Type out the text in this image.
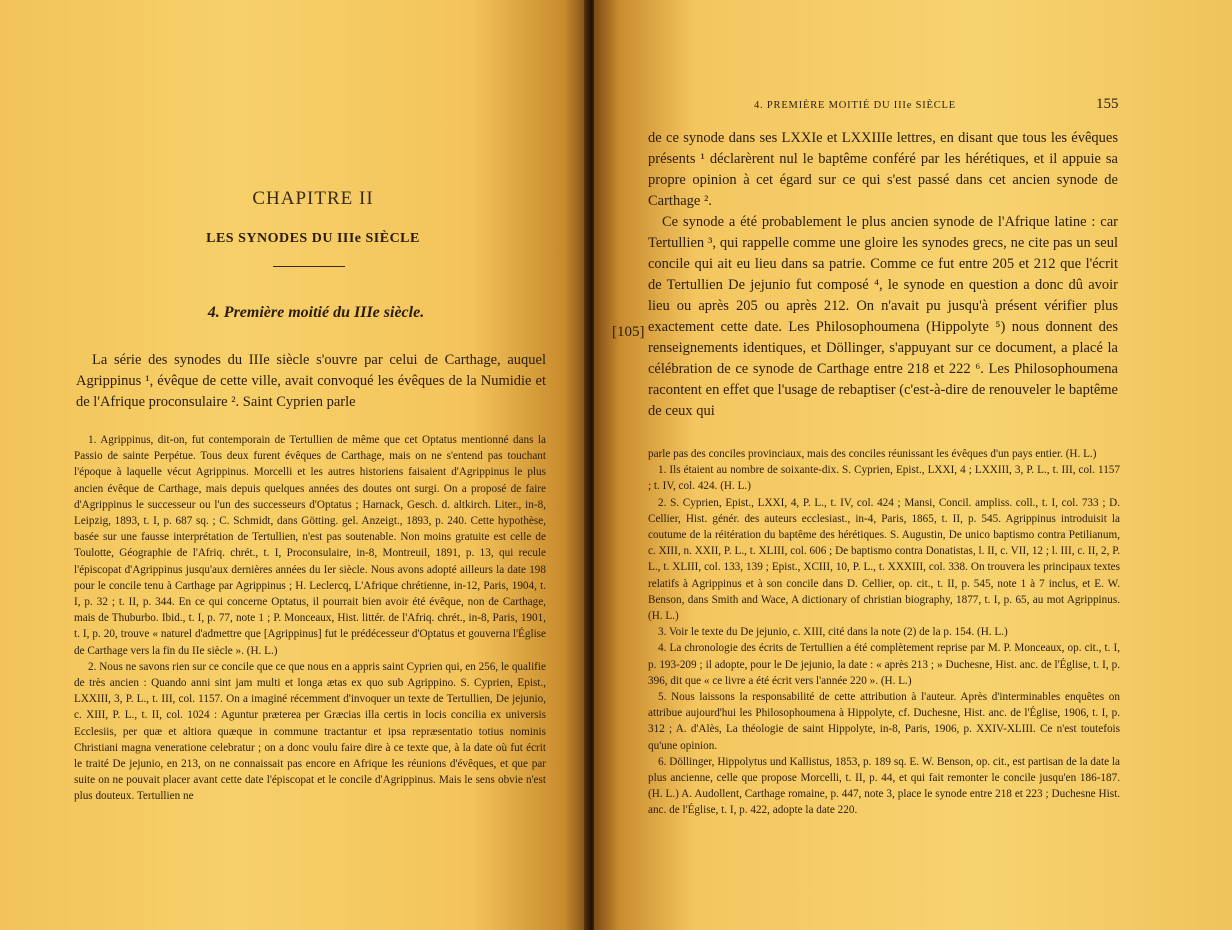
CHAPITRE II
LES SYNODES DU IIIe SIÈCLE
4. Première moitié du IIIe siècle.

La série des synodes du IIIe siècle s'ouvre par celui de Carthage, auquel Agrippinus ¹, évêque de cette ville, avait convoqué les évêques de la Numidie et de l'Afrique proconsulaire ². Saint Cyprien parle

1. Agrippinus, dit-on, fut contemporain de Tertullien de même que cet Optatus mentionné dans la Passio de sainte Perpétue. Tous deux furent évêques de Carthage, mais on ne s'entend pas touchant l'époque à laquelle vécut Agrippinus. Morcelli et les autres historiens faisaient d'Agrippinus le plus ancien évêque de Carthage, mais depuis quelques années des doutes ont surgi. On a proposé de faire d'Agrippinus le successeur ou l'un des successeurs d'Optatus ; Harnack, Gesch. d. altkirch. Liter., in-8, Leipzig, 1893, t. I, p. 687 sq. ; C. Schmidt, dans Götting. gel. Anzeigt., 1893, p. 240. Cette hypothèse, basée sur une fausse interprétation de Tertullien, n'est pas soutenable. Non moins gratuite est celle de Toulotte, Géographie de l'Afriq. chrét., t. I, Proconsulaire, in-8, Montreuil, 1891, p. 13, qui recule l'épiscopat d'Agrippinus jusqu'aux dernières années du Ier siècle. Nous avons adopté ailleurs la date 198 pour le concile tenu à Carthage par Agrippinus ; H. Leclercq, L'Afrique chrétienne, in-12, Paris, 1904, t. I, p. 32 ; t. II, p. 344. En ce qui concerne Optatus, il pourrait bien avoir été évêque, non de Carthage, mais de Thuburbo. Ibid., t. I, p. 77, note 1 ; P. Monceaux, Hist. littér. de l'Afriq. chrét., in-8, Paris, 1901, t. I, p. 20, trouve « naturel d'admettre que [Agrippinus] fut le prédécesseur d'Optatus et gouverna l'Église de Carthage vers la fin du IIe siècle ». (H. L.)

2. Nous ne savons rien sur ce concile que ce que nous en a appris saint Cyprien qui, en 256, le qualifie de très ancien : Quando anni sint jam multi et longa ætas ex quo sub Agrippino. S. Cyprien, Epist., LXXIII, 3, P. L., t. III, col. 1157. On a imaginé récemment d'invoquer un texte de Tertullien, De jejunio, c. XIII, P. L., t. II, col. 1024 : Aguntur præterea per Græcias illa certis in locis concilia ex universis Ecclesiis, per quæ et altiora quæque in commune tractantur et ipsa repræsentatio totius nominis Christiani magna veneratione celebratur ; on a donc voulu faire dire à ce texte que, à la date où fut écrit le traité De jejunio, en 213, on ne connaissait pas encore en Afrique les réunions d'évêques, et que par suite on ne pouvait placer avant cette date l'épiscopat et le concile d'Agrippinus. Mais le sens obvie n'est plus douteux. Tertullien ne

4. PREMIÈRE MOITIÉ DU IIIe SIÈCLE	155
[105]

de ce synode dans ses LXXIe et LXXIIIe lettres, en disant que tous les évêques présents ¹ déclarèrent nul le baptême conféré par les hérétiques, et il appuie sa propre opinion à cet égard sur ce qui s'est passé dans cet ancien synode de Carthage ².

Ce synode a été probablement le plus ancien synode de l'Afrique latine : car Tertullien ³, qui rappelle comme une gloire les synodes grecs, ne cite pas un seul concile qui ait eu lieu dans sa patrie. Comme ce fut entre 205 et 212 que l'écrit de Tertullien De jejunio fut composé ⁴, le synode en question a donc dû avoir lieu ou après 205 ou après 212. On n'avait pu jusqu'à présent vérifier plus exactement cette date. Les Philosophoumena (Hippolyte ⁵) nous donnent des renseignements identiques, et Döllinger, s'appuyant sur ce document, a placé la célébration de ce synode de Carthage entre 218 et 222 ⁶. Les Philosophoumena racontent en effet que l'usage de rebaptiser (c'est-à-dire de renouveler le baptême de ceux qui

parle pas des conciles provinciaux, mais des conciles réunissant les évêques d'un pays entier. (H. L.)

1. Ils étaient au nombre de soixante-dix. S. Cyprien, Epist., LXXI, 4 ; LXXIII, 3, P. L., t. III, col. 1157 ; t. IV, col. 424. (H. L.)

2. S. Cyprien, Epist., LXXI, 4, P. L., t. IV, col. 424 ; Mansi, Concil. ampliss. coll., t. I, col. 733 ; D. Cellier, Hist. génér. des auteurs ecclesiast., in-4, Paris, 1865, t. II, p. 545. Agrippinus introduisit la coutume de la réitération du baptême des hérétiques. S. Augustin, De unico baptismo contra Petilianum, c. XIII, n. XXII, P. L., t. XLIII, col. 606 ; De baptismo contra Donatistas, l. II, c. VII, 12 ; l. III, c. II, 2, P. L., t. XLIII, col. 133, 139 ; Epist., XCIII, 10, P. L., t. XXXIII, col. 338. On trouvera les principaux textes relatifs à Agrippinus et à son concile dans D. Cellier, op. cit., t. II, p. 545, note 1 à 7 inclus, et E. W. Benson, dans Smith and Wace, A dictionary of christian biography, 1877, t. I, p. 65, au mot Agrippinus. (H. L.)

3. Voir le texte du De jejunio, c. XIII, cité dans la note (2) de la p. 154. (H. L.)

4. La chronologie des écrits de Tertullien a été complètement reprise par M. P. Monceaux, op. cit., t. I, p. 193-209 ; il adopte, pour le De jejunio, la date : « après 213 ; » Duchesne, Hist. anc. de l'Église, t. I, p. 396, dit que « ce livre a été écrit vers l'année 220 ». (H. L.)

5. Nous laissons la responsabilité de cette attribution à l'auteur. Après d'interminables enquêtes on attribue aujourd'hui les Philosophoumena à Hippolyte, cf. Duchesne, Hist. anc. de l'Église, 1906, t. I, p. 312 ; A. d'Alès, La théologie de saint Hippolyte, in-8, Paris, 1906, p. XXIV-XLIII. Ce n'est toutefois qu'une opinion.

6. Döllinger, Hippolytus und Kallistus, 1853, p. 189 sq. E. W. Benson, op. cit., est partisan de la date la plus ancienne, celle que propose Morcelli, t. II, p. 44, et qui fait remonter le concile jusqu'en 186-187. (H. L.) A. Audollent, Carthage romaine, p. 447, note 3, place le synode entre 218 et 223 ; Duchesne Hist. anc. de l'Église, t. I, p. 422, adopte la date 220.
